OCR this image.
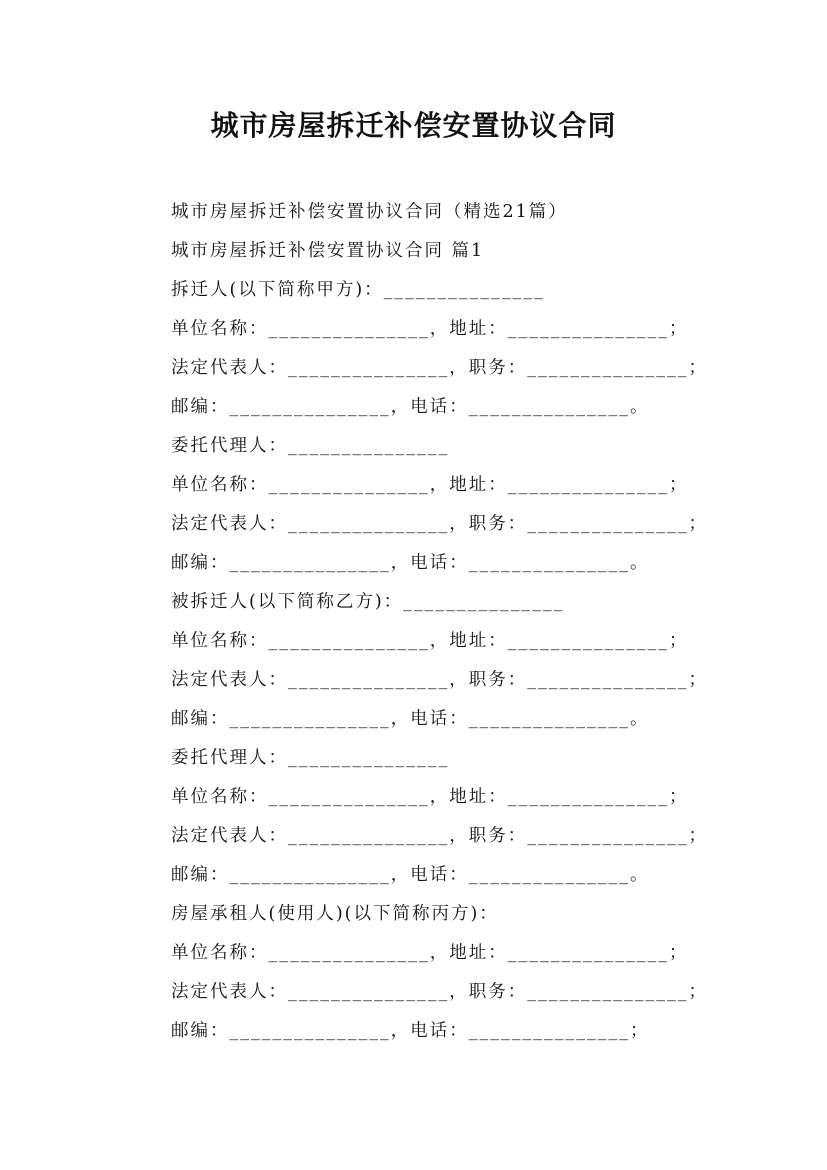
城市房屋拆迁补偿安置协议合同
城市房屋拆迁补偿安置协议合同（精选21篇）
城市房屋拆迁补偿安置协议合同 篇1
拆迁人(以下简称甲方)：_______________
单位名称：_______________，地址：_______________；
法定代表人：_______________，职务：_______________；
邮编：_______________，电话：_______________。
委托代理人：_______________
单位名称：_______________，地址：_______________；
法定代表人：_______________，职务：_______________；
邮编：_______________，电话：_______________。
被拆迁人(以下简称乙方)：_______________
单位名称：_______________，地址：_______________；
法定代表人：_______________，职务：_______________；
邮编：_______________，电话：_______________。
委托代理人：_______________
单位名称：_______________，地址：_______________；
法定代表人：_______________，职务：_______________；
邮编：_______________，电话：_______________。
房屋承租人(使用人)(以下简称丙方)：
单位名称：_______________，地址：_______________；
法定代表人：_______________，职务：_______________；
邮编：_______________，电话：_______________；
